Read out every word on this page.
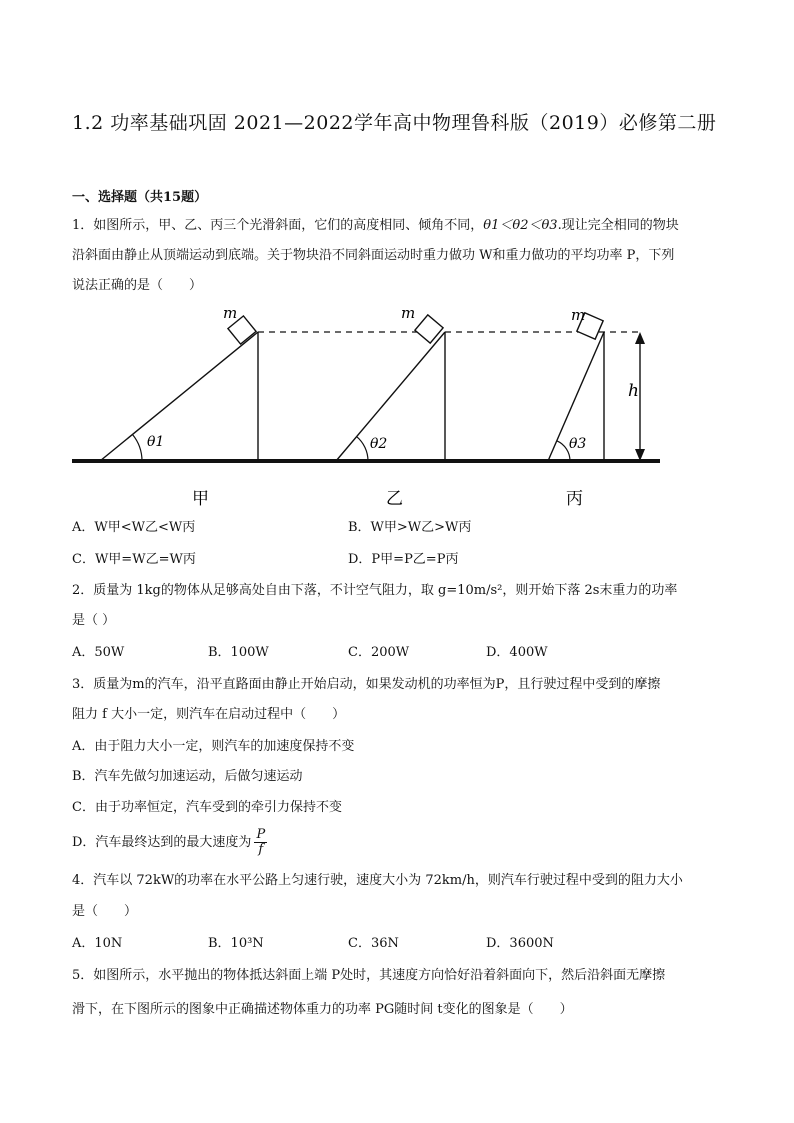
1.2 功率基础巩固 2021—2022学年高中物理鲁科版（2019）必修第二册
一、选择题（共15题）
1．如图所示，甲、乙、丙三个光滑斜面，它们的高度相同、倾角不同，θ1＜θ2＜θ3.现让完全相同的物块
沿斜面由静止从顶端运动到底端。关于物块沿不同斜面运动时重力做功 W和重力做功的平均功率 P，下列
说法正确的是（　　）
m	m	m
h
θ1	θ2	θ3
甲	乙	丙
A．W甲<W乙<W丙	B．W甲>W乙>W丙
C．W甲=W乙=W丙	D．P甲=P乙=P丙
2．质量为 1kg的物体从足够高处自由下落，不计空气阻力，取 g=10m/s²，则开始下落 2s末重力的功率
是（ ）
A．50W	B．100W	C．200W	D．400W
3．质量为m的汽车，沿平直路面由静止开始启动，如果发动机的功率恒为P，且行驶过程中受到的摩擦
阻力 f 大小一定，则汽车在启动过程中（　　）
A．由于阻力大小一定，则汽车的加速度保持不变
B．汽车先做匀加速运动，后做匀速运动
C．由于功率恒定，汽车受到的牵引力保持不变
D．汽车最终达到的最大速度为 $\frac{P}{f}$
4．汽车以 72kW的功率在水平公路上匀速行驶，速度大小为 72km/h，则汽车行驶过程中受到的阻力大小
是（　　）
A．10N	B．10³N	C．36N	D．3600N
5．如图所示，水平抛出的物体抵达斜面上端 P处时，其速度方向恰好沿着斜面向下，然后沿斜面无摩擦
滑下，在下图所示的图象中正确描述物体重力的功率 PG随时间 t变化的图象是（　　）
